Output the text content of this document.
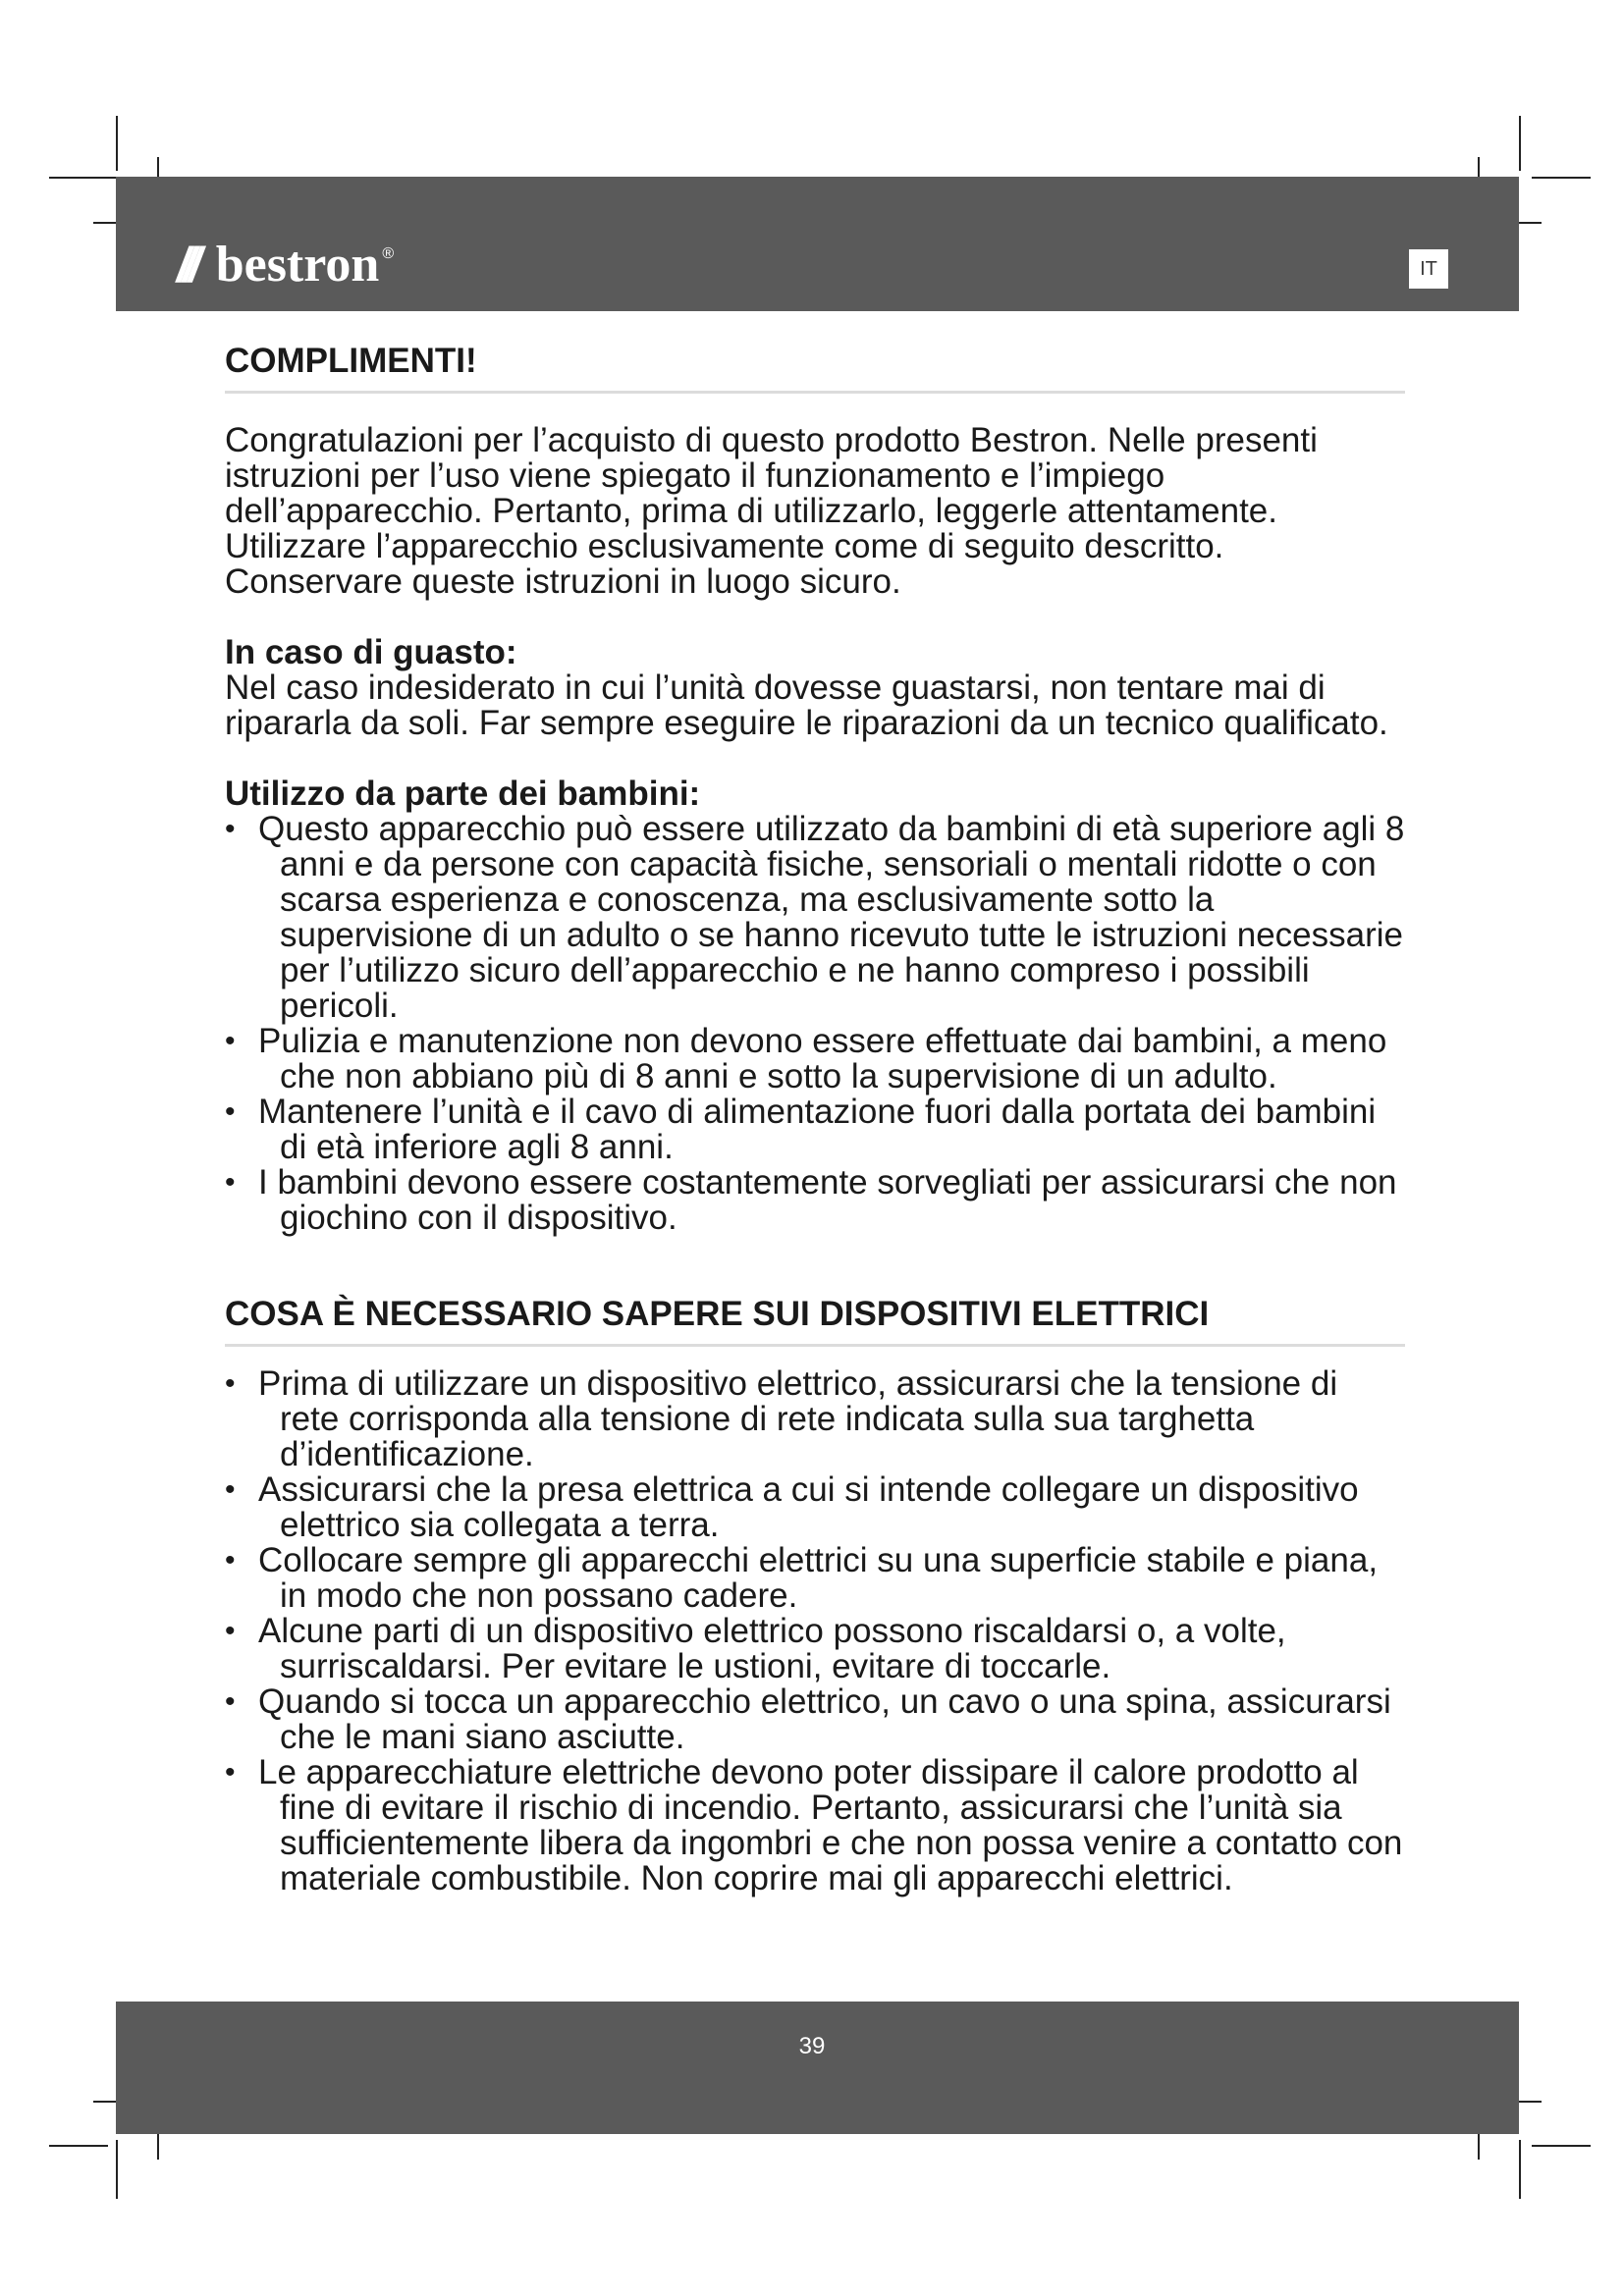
/// bestron ®
IT
COMPLIMENTI!

Congratulazioni per l’acquisto di questo prodotto Bestron. Nelle presenti istruzioni per l’uso viene spiegato il funzionamento e l’impiego dell’apparecchio. Pertanto, prima di utilizzarlo, leggerle attentamente. Utilizzare l’apparecchio esclusivamente come di seguito descritto. Conservare queste istruzioni in luogo sicuro.

In caso di guasto:

Nel caso indesiderato in cui l’unità dovesse guastarsi, non tentare mai di ripararla da soli. Far sempre eseguire le riparazioni da un tecnico qualificato.

Utilizzo da parte dei bambini:
• Questo apparecchio può essere utilizzato da bambini di età superiore agli 8 anni e da persone con capacità fisiche, sensoriali o mentali ridotte o con scarsa esperienza e conoscenza, ma esclusivamente sotto la supervisione di un adulto o se hanno ricevuto tutte le istruzioni necessarie per l’utilizzo sicuro dell’apparecchio e ne hanno compreso i possibili pericoli.
• Pulizia e manutenzione non devono essere effettuate dai bambini, a meno che non abbiano più di 8 anni e sotto la supervisione di un adulto.
• Mantenere l’unità e il cavo di alimentazione fuori dalla portata dei bambini di età inferiore agli 8 anni.
• I bambini devono essere costantemente sorvegliati per assicurarsi che non giochino con il dispositivo.
COSA È NECESSARIO SAPERE SUI DISPOSITIVI ELETTRICI
• Prima di utilizzare un dispositivo elettrico, assicurarsi che la tensione di rete corrisponda alla tensione di rete indicata sulla sua targhetta d’identificazione.
• Assicurarsi che la presa elettrica a cui si intende collegare un dispositivo elettrico sia collegata a terra.
• Collocare sempre gli apparecchi elettrici su una superficie stabile e piana, in modo che non possano cadere.
• Alcune parti di un dispositivo elettrico possono riscaldarsi o, a volte, surriscaldarsi. Per evitare le ustioni, evitare di toccarle.
• Quando si tocca un apparecchio elettrico, un cavo o una spina, assicurarsi che le mani siano asciutte.
• Le apparecchiature elettriche devono poter dissipare il calore prodotto al fine di evitare il rischio di incendio. Pertanto, assicurarsi che l’unità sia sufficientemente libera da ingombri e che non possa venire a contatto con materiale combustibile. Non coprire mai gli apparecchi elettrici.
39
